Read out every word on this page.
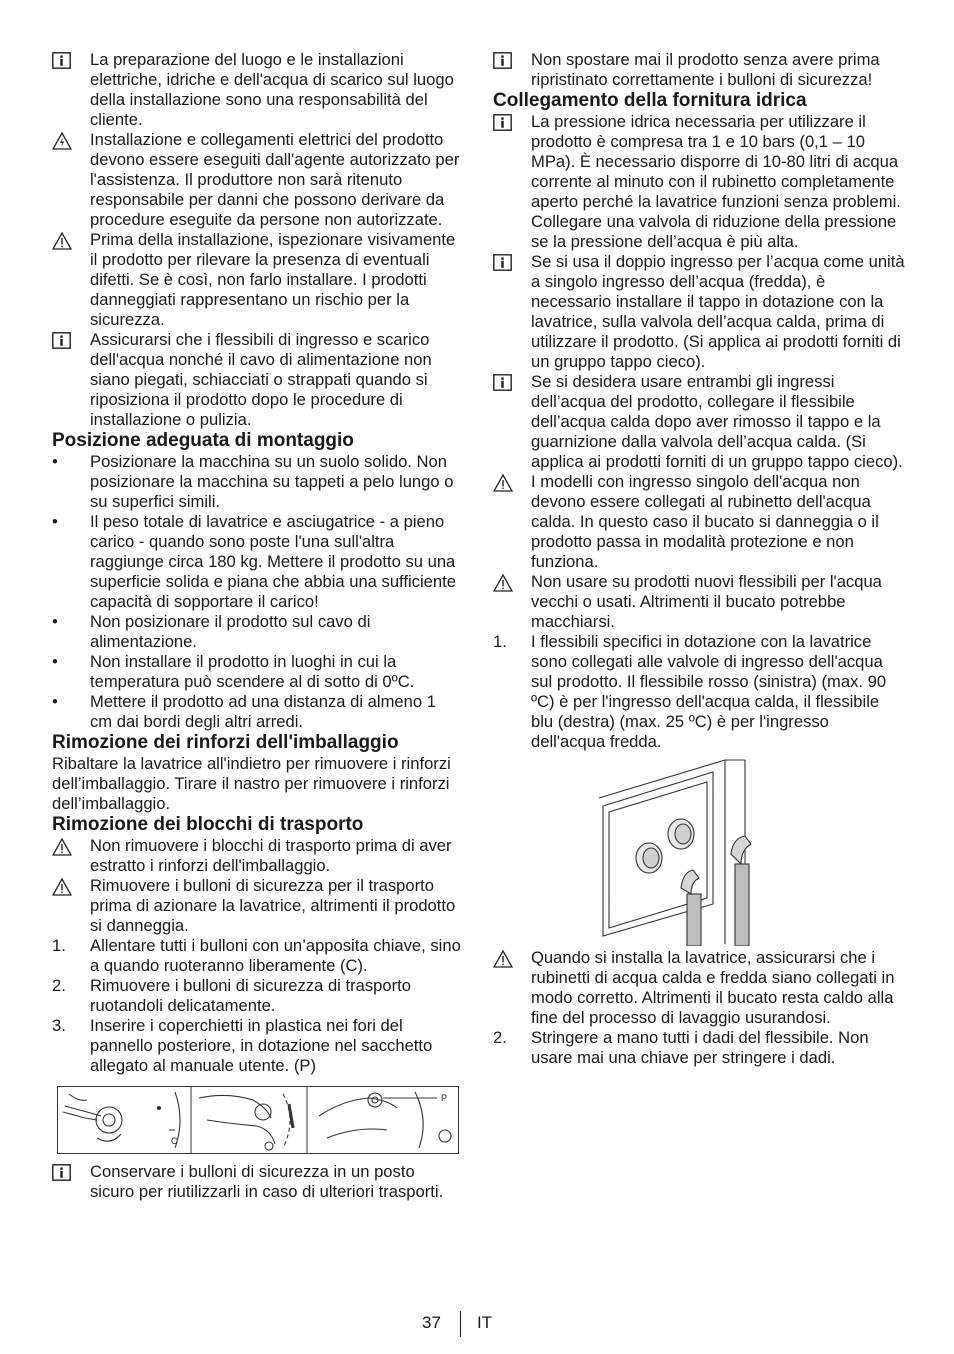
La preparazione del luogo e le installazioni elettriche, idriche e dell'acqua di scarico sul luogo della installazione sono una responsabilità del cliente.
Installazione e collegamenti elettrici del prodotto devono essere eseguiti dall'agente autorizzato per l'assistenza. Il produttore non sarà ritenuto responsabile per danni che possono derivare da procedure eseguite da persone non autorizzate.
Prima della installazione, ispezionare visivamente il prodotto per rilevare la presenza di eventuali difetti. Se è così, non farlo installare. I prodotti danneggiati rappresentano un rischio per la sicurezza.
Assicurarsi che i flessibili di ingresso e scarico dell'acqua nonché il cavo di alimentazione non siano piegati, schiacciati o strappati quando si riposiziona il prodotto dopo le procedure di installazione o pulizia.
Posizione adeguata di montaggio
•	Posizionare la macchina su un suolo solido. Non posizionare la macchina su tappeti a pelo lungo o su superfici simili.
•	Il peso totale di lavatrice e asciugatrice - a pieno carico - quando sono poste l'una sull'altra raggiunge circa 180 kg. Mettere il prodotto su una superficie solida e piana che abbia una sufficiente capacità di sopportare il carico!
•	Non posizionare il prodotto sul cavo di alimentazione.
•	Non installare il prodotto in luoghi in cui la temperatura può scendere al di sotto di 0ºC.
•	Mettere il prodotto ad una distanza di almeno 1 cm dai bordi degli altri arredi.
Rimozione dei rinforzi dell'imballaggio

Ribaltare la lavatrice all'indietro per rimuovere i rinforzi dell’imballaggio. Tirare il nastro per rimuovere i rinforzi dell’imballaggio.

Rimozione dei blocchi di trasporto
Non rimuovere i blocchi di trasporto prima di aver estratto i rinforzi dell'imballaggio.
Rimuovere i bulloni di sicurezza per il trasporto prima di azionare la lavatrice, altrimenti il prodotto si danneggia.
1.	Allentare tutti i bulloni con un’apposita chiave, sino a quando ruoteranno liberamente (C).
2.	Rimuovere i bulloni di sicurezza di trasporto ruotandoli delicatamente.
3.	Inserire i coperchietti in plastica nei fori del pannello posteriore, in dotazione nel sacchetto allegato al manuale utente. (P)
C
P
Conservare i bulloni di sicurezza in un posto sicuro per riutilizzarli in caso di ulteriori trasporti.
Non spostare mai il prodotto senza avere prima ripristinato correttamente i bulloni di sicurezza!
Collegamento della fornitura idrica
La pressione idrica necessaria per utilizzare il prodotto è compresa tra 1 e 10 bars (0,1 – 10 MPa). È necessario disporre di 10-80 litri di acqua corrente al minuto con il rubinetto completamente aperto perché la lavatrice funzioni senza problemi. Collegare una valvola di riduzione della pressione se la pressione dell’acqua è più alta.
Se si usa il doppio ingresso per l’acqua come unità a singolo ingresso dell’acqua (fredda), è necessario installare il tappo in dotazione con la lavatrice, sulla valvola dell’acqua calda, prima di utilizzare il prodotto. (Si applica ai prodotti forniti di un gruppo tappo cieco).
Se si desidera usare entrambi gli ingressi dell’acqua del prodotto, collegare il flessibile dell’acqua calda dopo aver rimosso il tappo e la guarnizione dalla valvola dell’acqua calda. (Si applica ai prodotti forniti di un gruppo tappo cieco).
I modelli con ingresso singolo dell'acqua non devono essere collegati al rubinetto dell'acqua calda. In questo caso il bucato si danneggia o il prodotto passa in modalità protezione e non funziona.
Non usare su prodotti nuovi flessibili per l'acqua vecchi o usati. Altrimenti il bucato potrebbe macchiarsi.
1.	I flessibili specifici in dotazione con la lavatrice sono collegati alle valvole di ingresso dell'acqua sul prodotto. Il flessibile rosso (sinistra) (max. 90 ºC) è per l'ingresso dell'acqua calda, il flessibile blu (destra) (max. 25 ºC) è per l'ingresso dell'acqua fredda.
Quando si installa la lavatrice, assicurarsi che i rubinetti di acqua calda e fredda siano collegati in modo corretto. Altrimenti il bucato resta caldo alla fine del processo di lavaggio usurandosi.
2.	Stringere a mano tutti i dadi del flessibile. Non usare mai una chiave per stringere i dadi.
37 IT
